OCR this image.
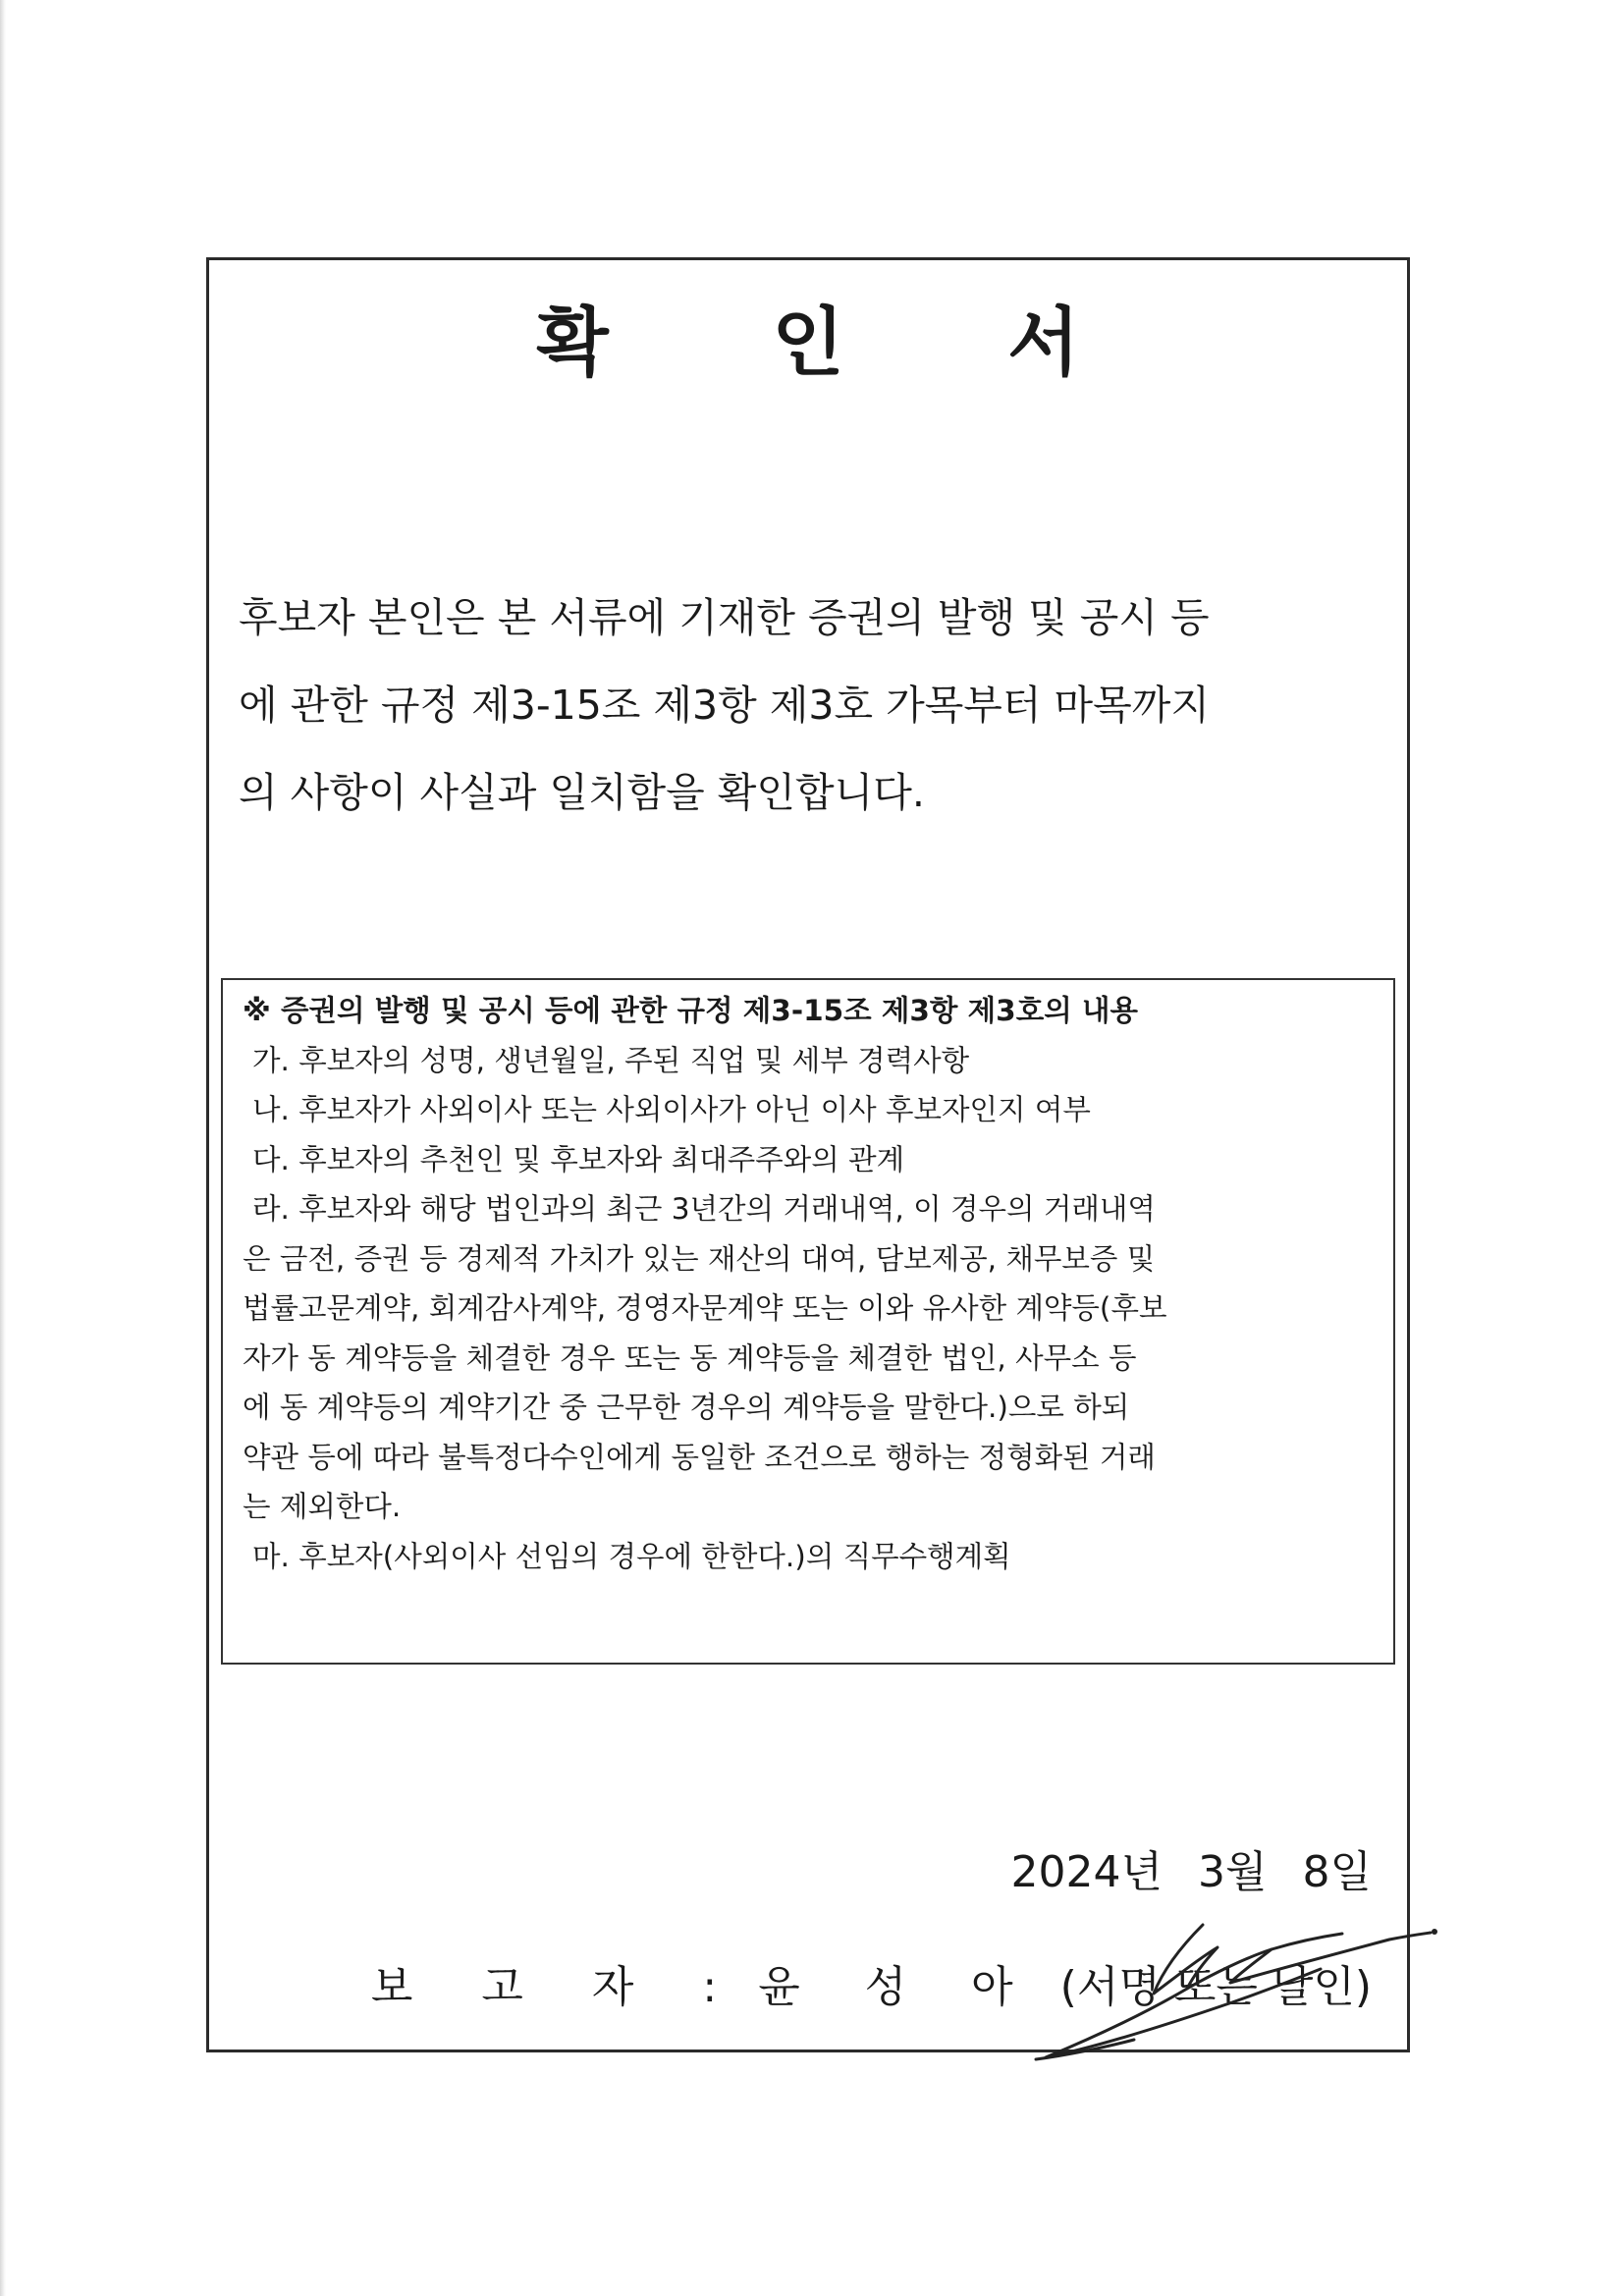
확 인 서
후보자 본인은 본 서류에 기재한 증권의 발행 및 공시 등
에 관한 규정 제3-15조 제3항 제3호 가목부터 마목까지
의 사항이 사실과 일치함을 확인합니다.
※ 증권의 발행 및 공시 등에 관한 규정 제3-15조 제3항 제3호의 내용
가. 후보자의 성명, 생년월일, 주된 직업 및 세부 경력사항
나. 후보자가 사외이사 또는 사외이사가 아닌 이사 후보자인지 여부
다. 후보자의 추천인 및 후보자와 최대주주와의 관계
라. 후보자와 해당 법인과의 최근 3년간의 거래내역, 이 경우의 거래내역
은 금전, 증권 등 경제적 가치가 있는 재산의 대여, 담보제공, 채무보증 및
법률고문계약, 회계감사계약, 경영자문계약 또는 이와 유사한 계약등(후보
자가 동 계약등을 체결한 경우 또는 동 계약등을 체결한 법인, 사무소 등
에 동 계약등의 계약기간 중 근무한 경우의 계약등을 말한다.)으로 하되
약관 등에 따라 불특정다수인에게 동일한 조건으로 행하는 정형화된 거래
는 제외한다.
마. 후보자(사외이사 선임의 경우에 한한다.)의 직무수행계획
2024년 3월 8일
보 고 자 : 윤 성 아 (서명 또는 날인)
